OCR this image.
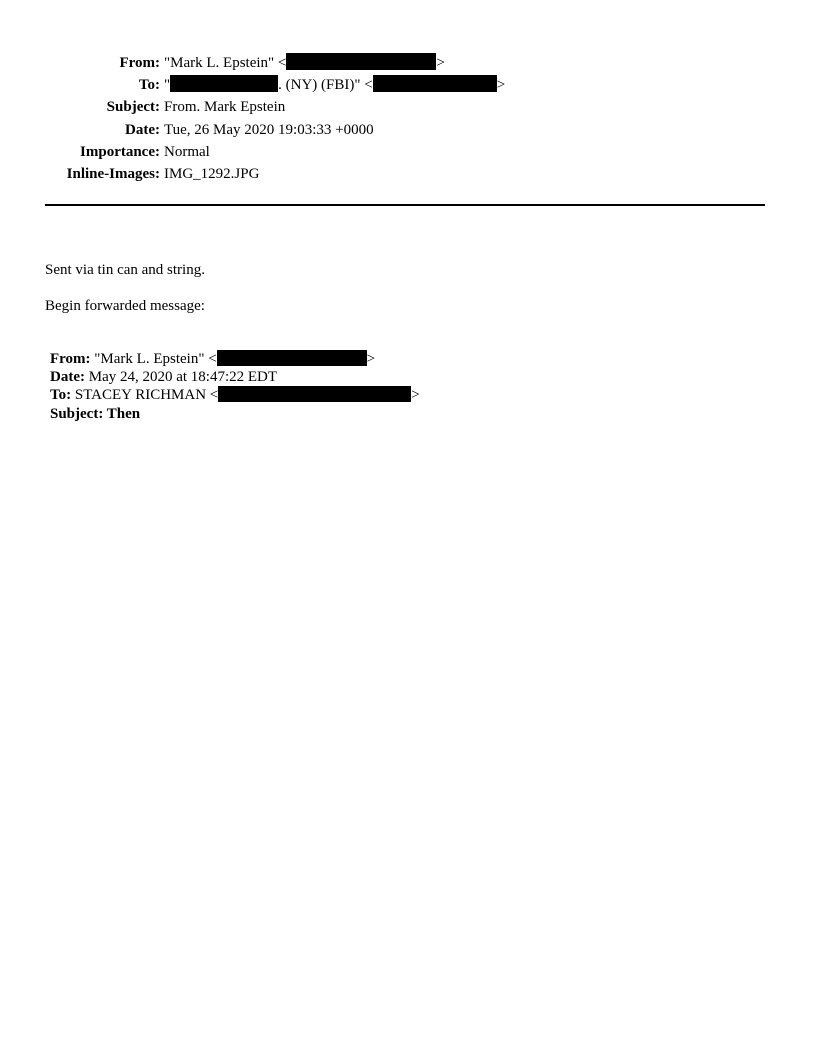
From: "Mark L. Epstein" <	>
To: "	. (NY) (FBI)" <	>
Subject: From. Mark Epstein
Date: Tue, 26 May 2020 19:03:33 +0000
Importance: Normal
Inline-Images: IMG_1292.JPG
Sent via tin can and string.
Begin forwarded message:
From: "Mark L. Epstein" <	>
Date: May 24, 2020 at 18:47:22 EDT
To: STACEY RICHMAN <	>
Subject: Then
